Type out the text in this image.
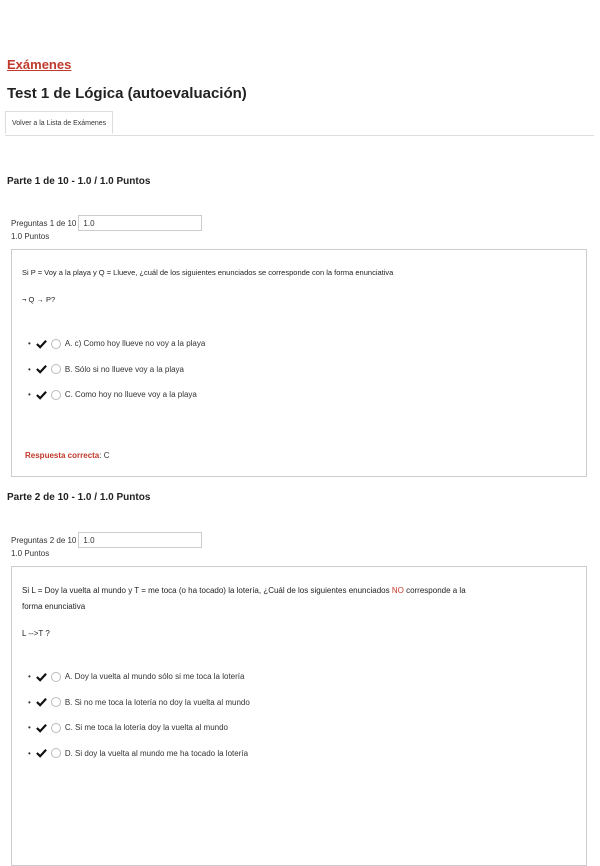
Exámenes
Test 1 de Lógica (autoevaluación)
Volver a la Lista de Exámenes
Parte 1 de 10 - 1.0 / 1.0 Puntos
Preguntas 1 de 10
1.0
1.0 Puntos
Si P = Voy a la playa y Q = Llueve, ¿cuál de los siguientes enunciados se corresponde con la forma enunciativa
¬ Q → P?
•	A. c) Como hoy llueve no voy a la playa
•	B. Sólo si no llueve voy a la playa
•	C. Como hoy no llueve voy a la playa
Respuesta correcta: C
Parte 2 de 10 - 1.0 / 1.0 Puntos
Preguntas 2 de 10
1.0
1.0 Puntos
Si L = Doy la vuelta al mundo y T = me toca (o ha tocado) la lotería, ¿Cuál de los siguientes enunciados NO corresponde a la
forma enunciativa
L -->T ?
•	A. Doy la vuelta al mundo sólo si me toca la lotería
•	B. Si no me toca la lotería no doy la vuelta al mundo
•	C. Si me toca la lotería doy la vuelta al mundo
•	D. Si doy la vuelta al mundo me ha tocado la lotería
